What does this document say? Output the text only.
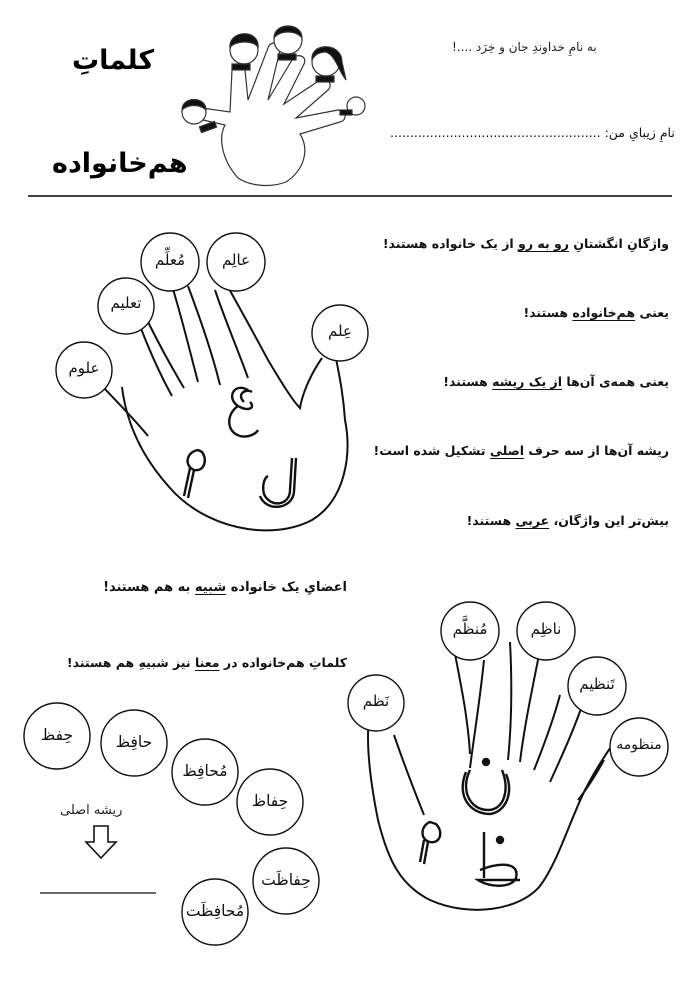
به نامِ خداوندِ جان و خِرَد ....!
نامِ زیبایِ من: .....................................................
کلماتِ
هم‌خانواده
واژگانِ انگشتانِ رو به رو از یک خانواده هستند!
یعنی هم‌خانواده هستند!
یعنی همه‌ی آن‌ها از یک ریشه هستند!
ریشه آن‌ها از سه حرف اصلی تشکیل شده است!
بیش‌تر این واژگان، عربی هستند!
علوم
تعلیم
مُعلِّم	عالِم
عِلم
اعضایِ یک خانواده شبیه به هم هستند!
کلماتِ هم‌خانواده در معنا نیز شبیهِ هم هستند!
نَظم
مُنظَّم	ناظِم
تَنظیم
منظومه
حِفظ	حافِظ
مُحافِظ
حِفاظ
حِفاظَت
مُحافِظَت
ریشه اصلی
